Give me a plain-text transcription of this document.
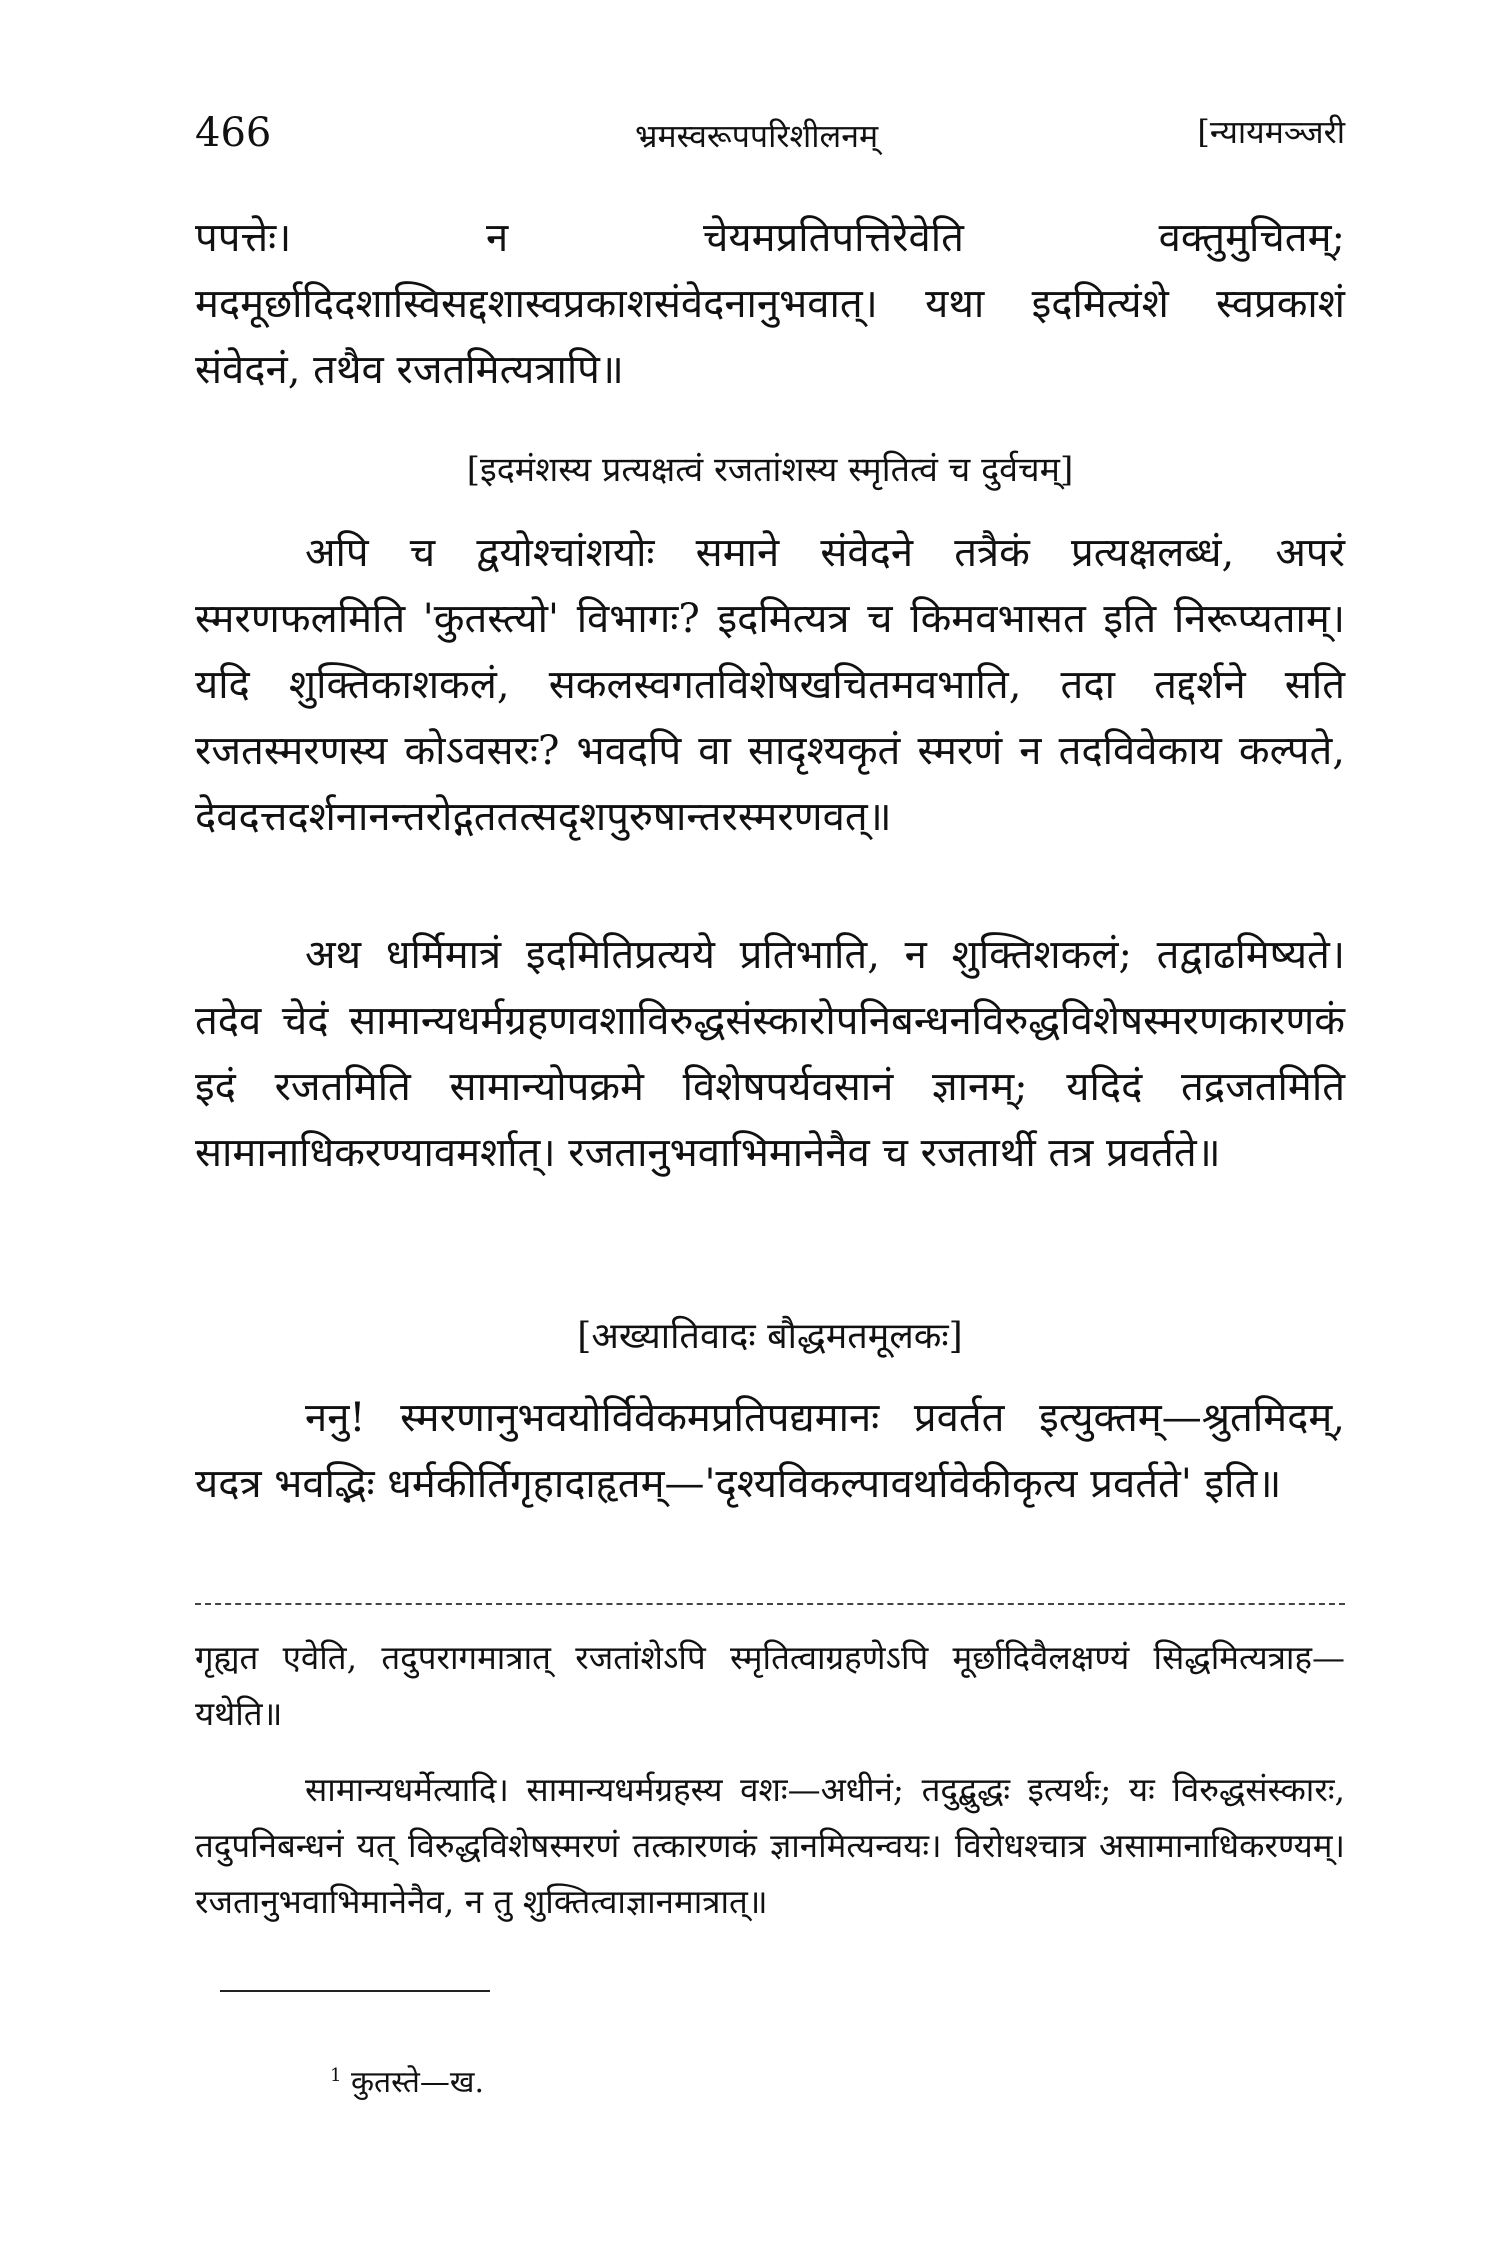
466	भ्रमस्वरूपपरिशीलनम्	[न्यायमञ्जरी
पपत्तेः। न चेयमप्रतिपत्तिरेवेति वक्तुमुचितम्; मदमूर्छादिदशास्विसद्दशास्वप्रकाशसंवेदनानुभवात्। यथा इदमित्यंशे स्वप्रकाशं संवेदनं, तथैव रजतमित्यत्रापि॥
[इदमंशस्य प्रत्यक्षत्वं रजतांशस्य स्मृतित्वं च दुर्वचम्]
अपि च द्वयोश्चांशयोः समाने संवेदने तत्रैकं प्रत्यक्षलब्धं, अपरं स्मरणफलमिति 'कुतस्त्यो' विभागः? इदमित्यत्र च किमवभासत इति निरूप्यताम्। यदि शुक्तिकाशकलं, सकलस्वगतविशेषखचितमवभाति, तदा तद्दर्शने सति रजतस्मरणस्य कोऽवसरः? भवदपि वा सादृश्यकृतं स्मरणं न तदविवेकाय कल्पते, देवदत्तदर्शनानन्तरोद्गततत्सदृशपुरुषान्तरस्मरणवत्॥
अथ धर्मिमात्रं इदमितिप्रत्यये प्रतिभाति, न शुक्तिशकलं; तद्वाढमिष्यते। तदेव चेदं सामान्यधर्मग्रहणवशाविरुद्धसंस्कारोपनिबन्धनविरुद्धविशेषस्मरणकारणकं इदं रजतमिति सामान्योपक्रमे विशेषपर्यवसानं ज्ञानम्; यदिदं तद्रजतमिति सामानाधिकरण्यावमर्शात्। रजतानुभवाभिमानेनैव च रजतार्थी तत्र प्रवर्तते॥
[अख्यातिवादः बौद्धमतमूलकः]
ननु! स्मरणानुभवयोर्विवेकमप्रतिपद्यमानः प्रवर्तत इत्युक्तम्—श्रुतमिदम्, यदत्र भवद्भिः धर्मकीर्तिगृहादाहृतम्—'दृश्यविकल्पावर्थावेकीकृत्य प्रवर्तते' इति॥
गृह्यत एवेति, तदुपरागमात्रात् रजतांशेऽपि स्मृतित्वाग्रहणेऽपि मूर्छादिवैलक्षण्यं सिद्धमित्यत्राह—यथेति॥
सामान्यधर्मेत्यादि। सामान्यधर्मग्रहस्य वशः—अधीनं; तदुद्बुद्धः इत्यर्थः; यः विरुद्धसंस्कारः, तदुपनिबन्धनं यत् विरुद्धविशेषस्मरणं तत्कारणकं ज्ञानमित्यन्वयः। विरोधश्चात्र असामानाधिकरण्यम्। रजतानुभवाभिमानेनैव, न तु शुक्तित्वाज्ञानमात्रात्॥
$^1$ कुतस्ते—ख.
